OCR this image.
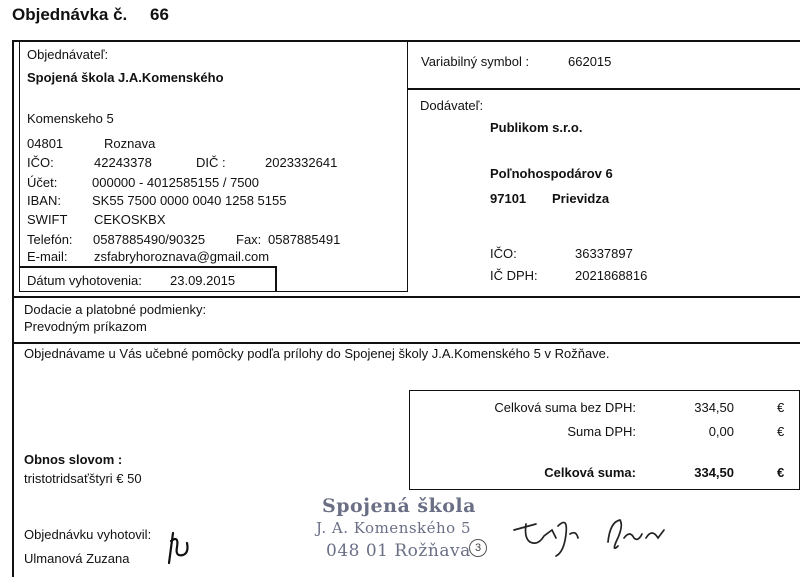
Objednávka č. 66
Objednávateľ:
Spojená škola J.A.Komenského
Komenskeho 5
04801	Roznava
IČO:	42243378	DIČ :	2023332641
Účet:	000000 - 4012585155 / 7500
IBAN: SK55 7500 0000 0040 1258 5155
SWIFT CEKOSKBX
Telefón: 0587885490/90325 Fax: 0587885491
E-mail: zsfabryhoroznava@gmail.com
Dátum vyhotovenia: 23.09.2015
Variabilný symbol :	662015
Dodávateľ:
Publikom s.r.o.
Poľnohospodárov 6
97101 Prievidza
IČO:	36337897
IČ DPH:	2021868816
Dodacie a platobné podmienky:
Prevodným príkazom
Objednávame u Vás učebné pomôcky podľa prílohy do Spojenej školy J.A.Komenského 5 v Rožňave.
Celková suma bez DPH:	334,50	€
Suma DPH:	0,00	€
Celková suma:	334,50	€
Obnos slovom :
tristotridsaťštyri € 50
Objednávku vyhotovil:
Ulmanová Zuzana
Spojená škola
J. A. Komenského 5
048 01 Rožňava 3
